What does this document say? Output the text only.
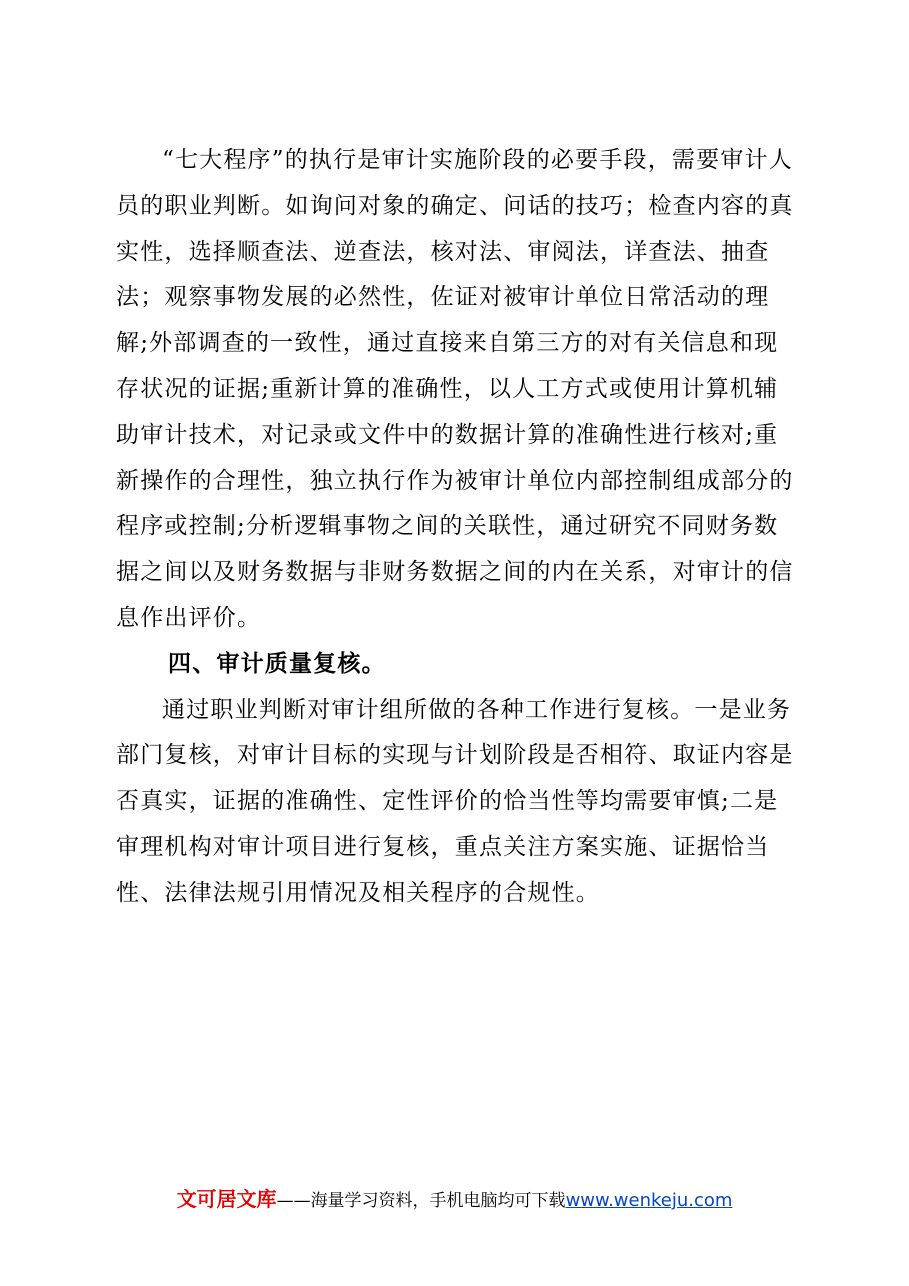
“七大程序”的执行是审计实施阶段的必要手段，需要审计人员的职业判断。如询问对象的确定、问话的技巧；检查内容的真实性，选择顺查法、逆查法，核对法、审阅法，详查法、抽查法；观察事物发展的必然性，佐证对被审计单位日常活动的理解;外部调查的一致性，通过直接来自第三方的对有关信息和现存状况的证据;重新计算的准确性，以人工方式或使用计算机辅助审计技术，对记录或文件中的数据计算的准确性进行核对;重新操作的合理性，独立执行作为被审计单位内部控制组成部分的程序或控制;分析逻辑事物之间的关联性，通过研究不同财务数据之间以及财务数据与非财务数据之间的内在关系，对审计的信息作出评价。

四、审计质量复核。

通过职业判断对审计组所做的各种工作进行复核。一是业务部门复核，对审计目标的实现与计划阶段是否相符、取证内容是否真实，证据的准确性、定性评价的恰当性等均需要审慎;二是审理机构对审计项目进行复核，重点关注方案实施、证据恰当性、法律法规引用情况及相关程序的合规性。

文可居文库——海量学习资料，手机电脑均可下载www.wenkeju.com
